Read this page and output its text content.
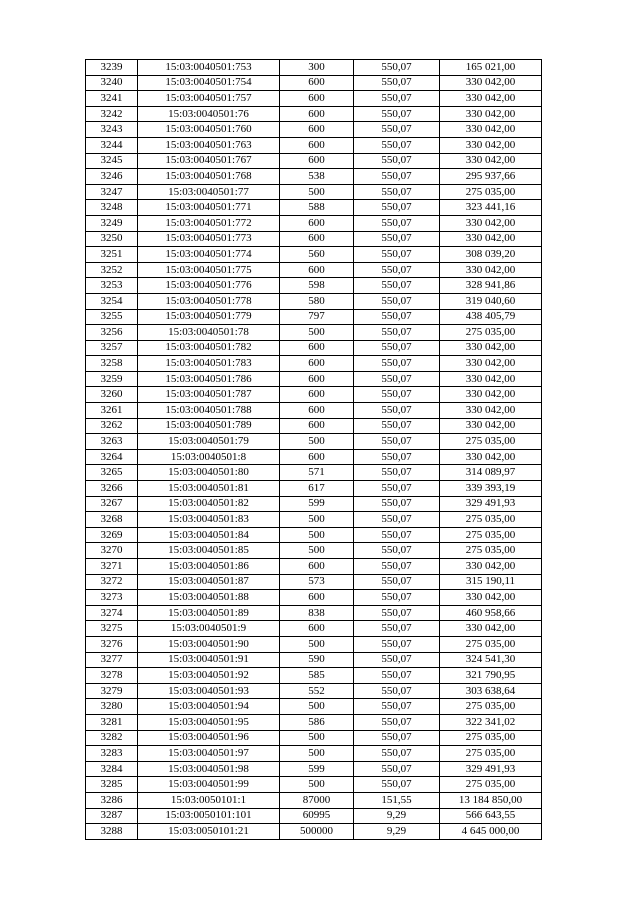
3239	15:03:0040501:753	300	550,07	165 021,00
3240	15:03:0040501:754	600	550,07	330 042,00
3241	15:03:0040501:757	600	550,07	330 042,00
3242	15:03:0040501:76	600	550,07	330 042,00
3243	15:03:0040501:760	600	550,07	330 042,00
3244	15:03:0040501:763	600	550,07	330 042,00
3245	15:03:0040501:767	600	550,07	330 042,00
3246	15:03:0040501:768	538	550,07	295 937,66
3247	15:03:0040501:77	500	550,07	275 035,00
3248	15:03:0040501:771	588	550,07	323 441,16
3249	15:03:0040501:772	600	550,07	330 042,00
3250	15:03:0040501:773	600	550,07	330 042,00
3251	15:03:0040501:774	560	550,07	308 039,20
3252	15:03:0040501:775	600	550,07	330 042,00
3253	15:03:0040501:776	598	550,07	328 941,86
3254	15:03:0040501:778	580	550,07	319 040,60
3255	15:03:0040501:779	797	550,07	438 405,79
3256	15:03:0040501:78	500	550,07	275 035,00
3257	15:03:0040501:782	600	550,07	330 042,00
3258	15:03:0040501:783	600	550,07	330 042,00
3259	15:03:0040501:786	600	550,07	330 042,00
3260	15:03:0040501:787	600	550,07	330 042,00
3261	15:03:0040501:788	600	550,07	330 042,00
3262	15:03:0040501:789	600	550,07	330 042,00
3263	15:03:0040501:79	500	550,07	275 035,00
3264	15:03:0040501:8	600	550,07	330 042,00
3265	15:03:0040501:80	571	550,07	314 089,97
3266	15:03:0040501:81	617	550,07	339 393,19
3267	15:03:0040501:82	599	550,07	329 491,93
3268	15:03:0040501:83	500	550,07	275 035,00
3269	15:03:0040501:84	500	550,07	275 035,00
3270	15:03:0040501:85	500	550,07	275 035,00
3271	15:03:0040501:86	600	550,07	330 042,00
3272	15:03:0040501:87	573	550,07	315 190,11
3273	15:03:0040501:88	600	550,07	330 042,00
3274	15:03:0040501:89	838	550,07	460 958,66
3275	15:03:0040501:9	600	550,07	330 042,00
3276	15:03:0040501:90	500	550,07	275 035,00
3277	15:03:0040501:91	590	550,07	324 541,30
3278	15:03:0040501:92	585	550,07	321 790,95
3279	15:03:0040501:93	552	550,07	303 638,64
3280	15:03:0040501:94	500	550,07	275 035,00
3281	15:03:0040501:95	586	550,07	322 341,02
3282	15:03:0040501:96	500	550,07	275 035,00
3283	15:03:0040501:97	500	550,07	275 035,00
3284	15:03:0040501:98	599	550,07	329 491,93
3285	15:03:0040501:99	500	550,07	275 035,00
3286	15:03:0050101:1	87000	151,55	13 184 850,00
3287	15:03:0050101:101	60995	9,29	566 643,55
3288	15:03:0050101:21	500000	9,29	4 645 000,00
